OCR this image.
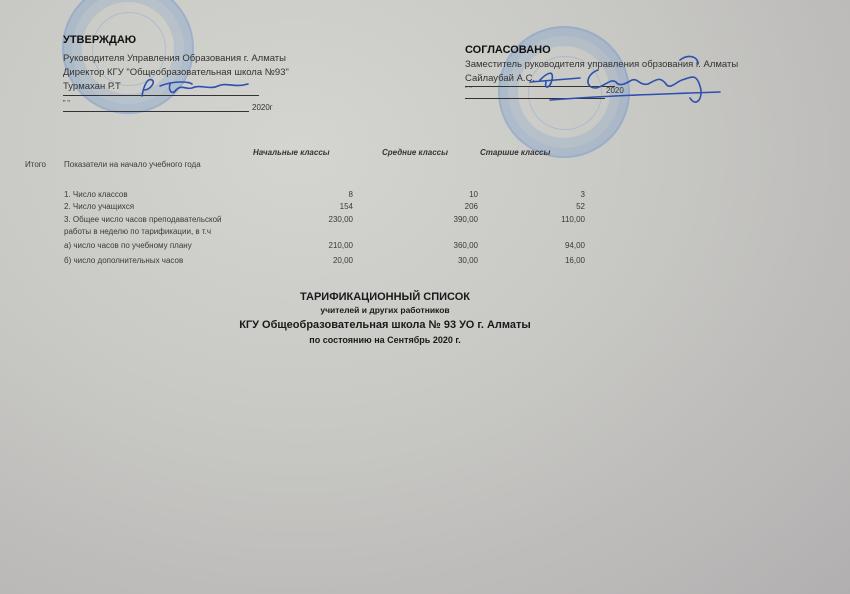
УТВЕРЖДАЮ
Руководителя Управления Образования г. Алматы
Директор КГУ "Общеобразовательная школа №93"
Турмахан Р.Т
" "	2020г
СОГЛАСОВАНО
Заместитель руководителя управления обрзования г. Алматы
Сайлаубай А.С.
" "	2020
Начальные классы	Средние классы	Старшие классы
Итого Показатели на начало учебного года
1. Число классов	8	10	3
2. Число учащихся	154	206	52
3. Общее число часов преподавательской
работы в неделю по тарификации, в т.ч
230,00	390,00	110,00
а) число часов по учебному плану	210,00	360,00	94,00
б) число дополнительных часов	20,00	30,00	16,00
ТАРИФИКАЦИОННЫЙ СПИСОК
учителей и других работников
КГУ Общеобразовательная школа № 93 УО г. Алматы
по состоянию на Сентябрь 2020 г.
